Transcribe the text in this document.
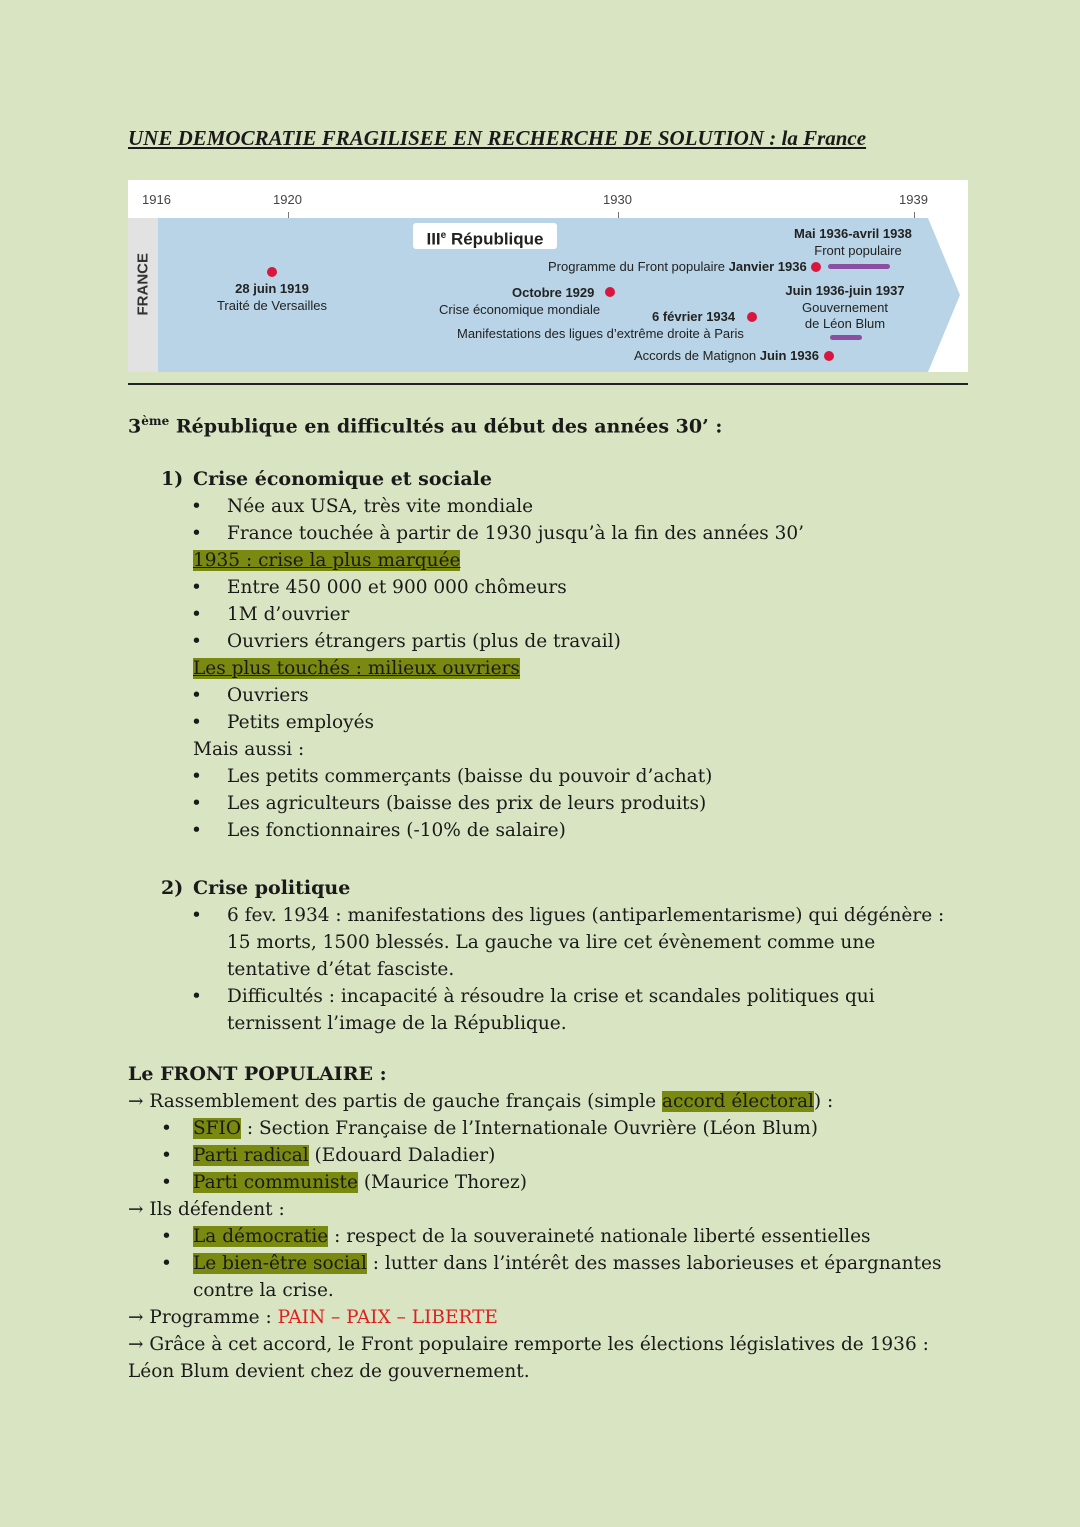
UNE DEMOCRATIE FRAGILISEE EN RECHERCHE DE SOLUTION : la France
1916	1920	1930	1939
FRANCE
IIIe République
28 juin 1919
Traité de Versailles
Programme du Front populaire Janvier 1936
Mai 1936-avril 1938
Front populaire
Octobre 1929
Crise économique mondiale
Juin 1936-juin 1937
Gouvernement
de Léon Blum
6 février 1934
Manifestations des ligues d’extrême droite à Paris
Accords de Matignon Juin 1936
3ème République en difficultés au début des années 30’ :
1) Crise économique et sociale
• Née aux USA, très vite mondiale
• France touchée à partir de 1930 jusqu’à la fin des années 30’
1935 : crise la plus marquée
• Entre 450 000 et 900 000 chômeurs
• 1M d’ouvrier
• Ouvriers étrangers partis (plus de travail)
Les plus touchés : milieux ouvriers
• Ouvriers
• Petits employés
Mais aussi :
• Les petits commerçants (baisse du pouvoir d’achat)
• Les agriculteurs (baisse des prix de leurs produits)
• Les fonctionnaires (-10% de salaire)
2) Crise politique
• 6 fev. 1934 : manifestations des ligues (antiparlementarisme) qui dégénère : 15 morts, 1500 blessés. La gauche va lire cet évènement comme une tentative d’état fasciste.
• Difficultés : incapacité à résoudre la crise et scandales politiques qui ternissent l’image de la République.
Le FRONT POPULAIRE :
→ Rassemblement des partis de gauche français (simple accord électoral) :
• SFIO : Section Française de l’Internationale Ouvrière (Léon Blum)
• Parti radical (Edouard Daladier)
• Parti communiste (Maurice Thorez)
→ Ils défendent :
• La démocratie : respect de la souveraineté nationale liberté essentielles
• Le bien-être social : lutter dans l’intérêt des masses laborieuses et épargnantes contre la crise.
→ Programme : PAIN – PAIX – LIBERTE
→ Grâce à cet accord, le Front populaire remporte les élections législatives de 1936 : Léon Blum devient chez de gouvernement.
